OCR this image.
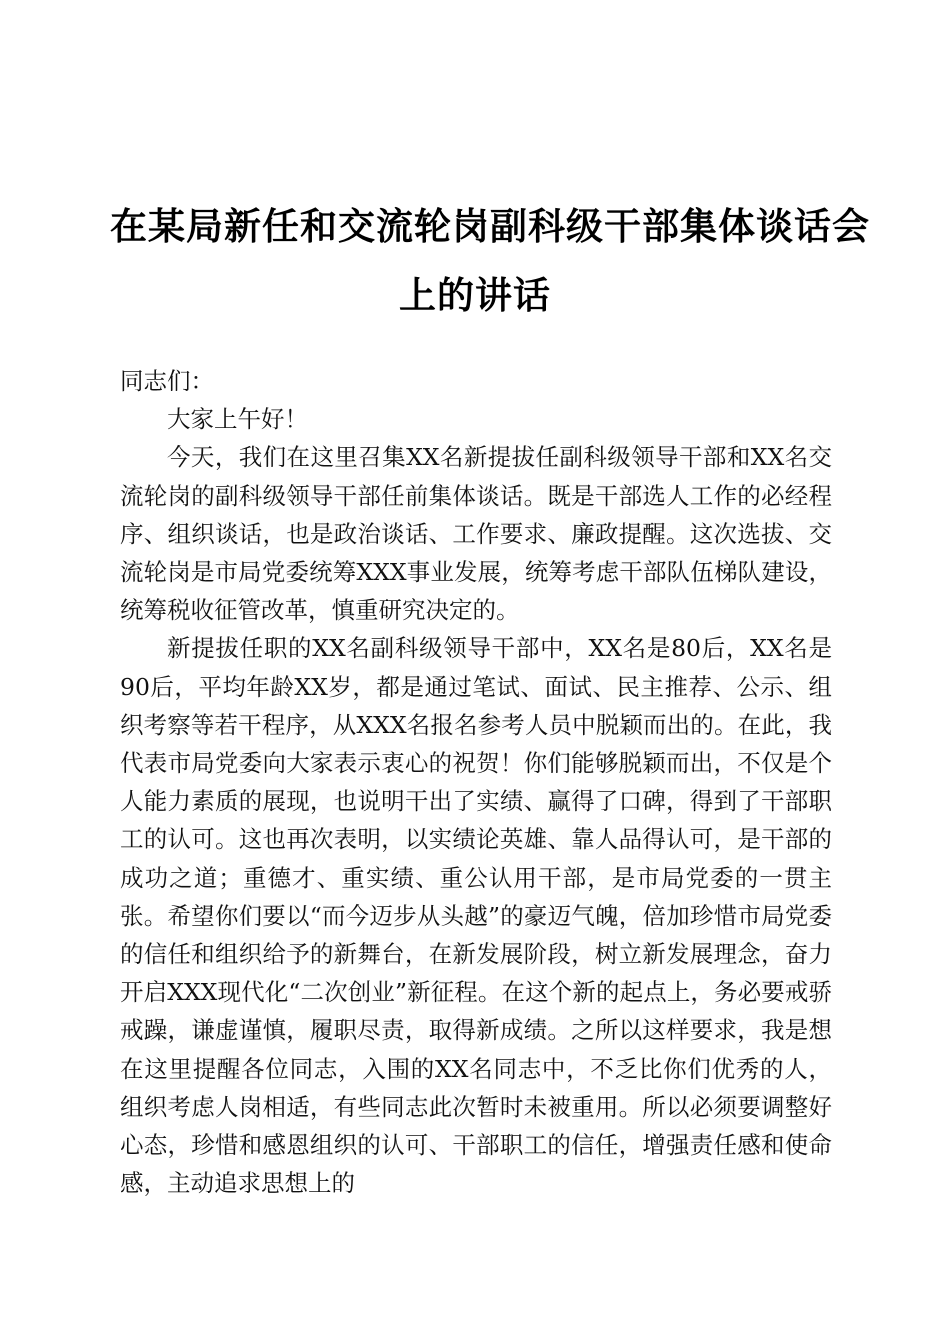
在某局新任和交流轮岗副科级干部集体谈话会
上的讲话

同志们：

大家上午好！

今天，我们在这里召集XX名新提拔任副科级领导干部和XX名交流轮岗的副科级领导干部任前集体谈话。既是干部选人工作的必经程序、组织谈话，也是政治谈话、工作要求、廉政提醒。这次选拔、交流轮岗是市局党委统筹XXX事业发展，统筹考虑干部队伍梯队建设，统筹税收征管改革，慎重研究决定的。

新提拔任职的XX名副科级领导干部中，XX名是80后，XX名是90后，平均年龄XX岁，都是通过笔试、面试、民主推荐、公示、组织考察等若干程序，从XXX名报名参考人员中脱颖而出的。在此，我代表市局党委向大家表示衷心的祝贺！你们能够脱颖而出，不仅是个人能力素质的展现，也说明干出了实绩、赢得了口碑，得到了干部职工的认可。这也再次表明，以实绩论英雄、靠人品得认可，是干部的成功之道；重德才、重实绩、重公认用干部，是市局党委的一贯主张。希望你们要以“而今迈步从头越”的豪迈气魄，倍加珍惜市局党委的信任和组织给予的新舞台，在新发展阶段，树立新发展理念，奋力开启XXX现代化“二次创业”新征程。在这个新的起点上，务必要戒骄戒躁，谦虚谨慎，履职尽责，取得新成绩。之所以这样要求，我是想在这里提醒各位同志，入围的XX名同志中，不乏比你们优秀的人，组织考虑人岗相适，有些同志此次暂时未被重用。所以必须要调整好心态，珍惜和感恩组织的认可、干部职工的信任，增强责任感和使命感，主动追求思想上的
